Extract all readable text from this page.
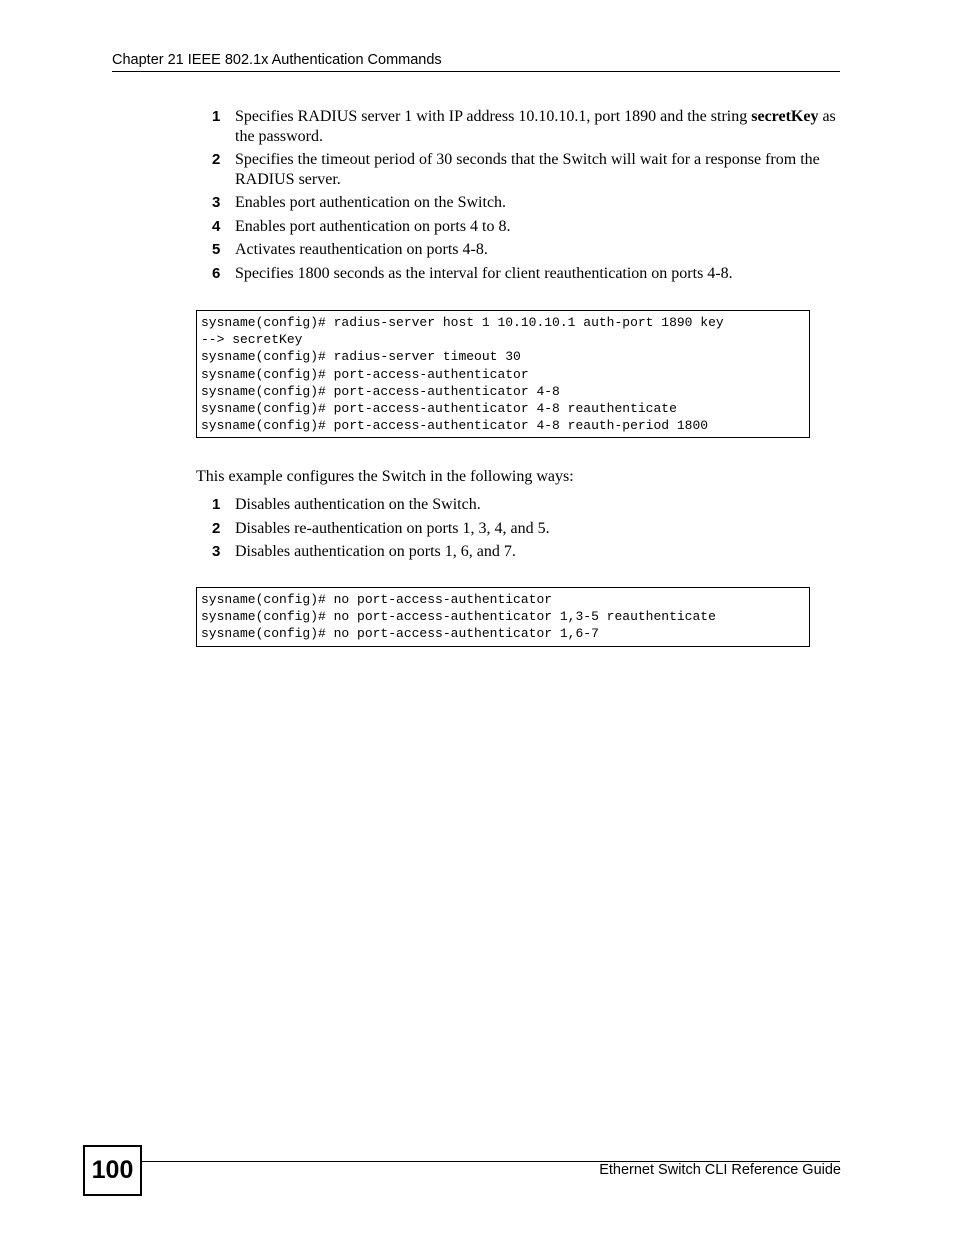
Chapter 21 IEEE 802.1x Authentication Commands
1 Specifies RADIUS server 1 with IP address 10.10.10.1, port 1890 and the string secretKey as the password.
2 Specifies the timeout period of 30 seconds that the Switch will wait for a response from the RADIUS server.
3 Enables port authentication on the Switch.
4 Enables port authentication on ports 4 to 8.
5 Activates reauthentication on ports 4-8.
6 Specifies 1800 seconds as the interval for client reauthentication on ports 4-8.
sysname(config)# radius-server host 1 10.10.10.1 auth-port 1890 key
--> secretKey
sysname(config)# radius-server timeout 30
sysname(config)# port-access-authenticator
sysname(config)# port-access-authenticator 4-8
sysname(config)# port-access-authenticator 4-8 reauthenticate
sysname(config)# port-access-authenticator 4-8 reauth-period 1800
This example configures the Switch in the following ways:
1 Disables authentication on the Switch.
2 Disables re-authentication on ports 1, 3, 4, and 5.
3 Disables authentication on ports 1, 6, and 7.
sysname(config)# no port-access-authenticator
sysname(config)# no port-access-authenticator 1,3-5 reauthenticate
sysname(config)# no port-access-authenticator 1,6-7
100	Ethernet Switch CLI Reference Guide
